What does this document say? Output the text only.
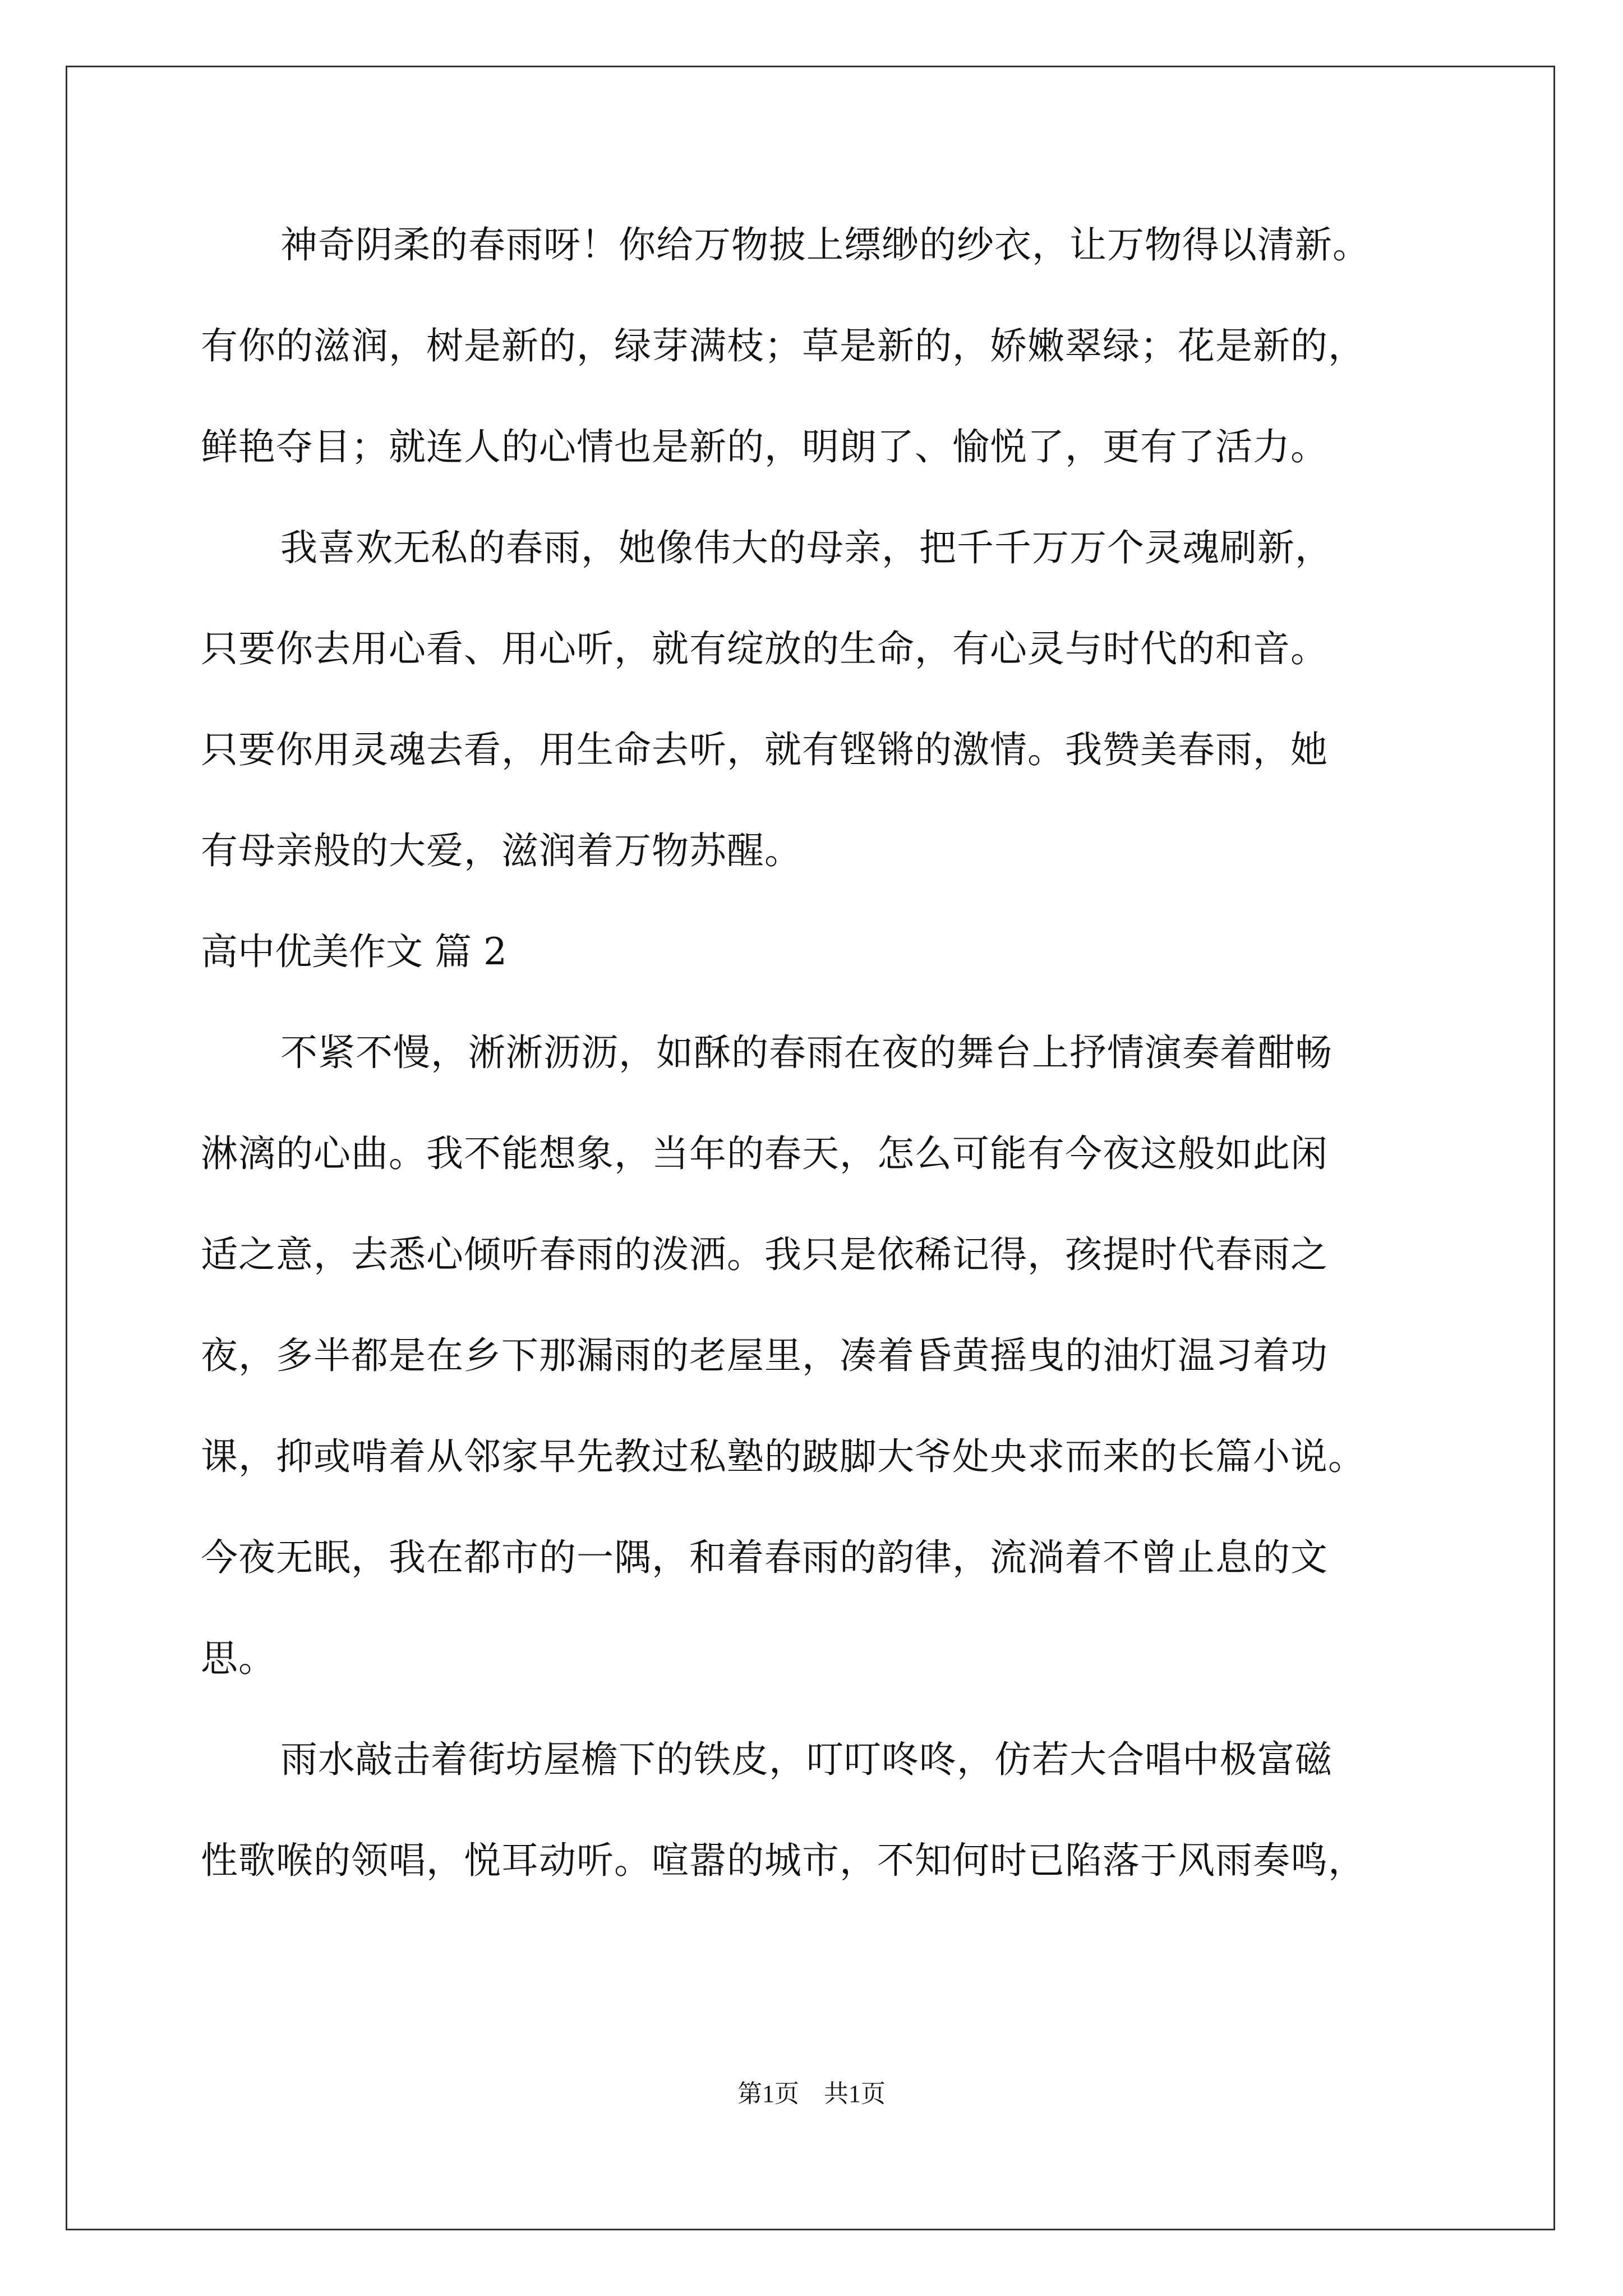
神奇阴柔的春雨呀！你给万物披上缥缈的纱衣，让万物得以清新。
有你的滋润，树是新的，绿芽满枝；草是新的，娇嫩翠绿；花是新的，
鲜艳夺目；就连人的心情也是新的，明朗了、愉悦了，更有了活力。
我喜欢无私的春雨，她像伟大的母亲，把千千万万个灵魂刷新，
只要你去用心看、用心听，就有绽放的生命，有心灵与时代的和音。
只要你用灵魂去看，用生命去听，就有铿锵的激情。我赞美春雨，她
有母亲般的大爱，滋润着万物苏醒。
高中优美作文 篇 2
不紧不慢，淅淅沥沥，如酥的春雨在夜的舞台上抒情演奏着酣畅
淋漓的心曲。我不能想象，当年的春天，怎么可能有今夜这般如此闲
适之意，去悉心倾听春雨的泼洒。我只是依稀记得，孩提时代春雨之
夜，多半都是在乡下那漏雨的老屋里，凑着昏黄摇曳的油灯温习着功
课，抑或啃着从邻家早先教过私塾的跛脚大爷处央求而来的长篇小说。
今夜无眠，我在都市的一隅，和着春雨的韵律，流淌着不曾止息的文
思。
雨水敲击着街坊屋檐下的铁皮，叮叮咚咚，仿若大合唱中极富磁
性歌喉的领唱，悦耳动听。喧嚣的城市，不知何时已陷落于风雨奏鸣，
第1页　共1页
